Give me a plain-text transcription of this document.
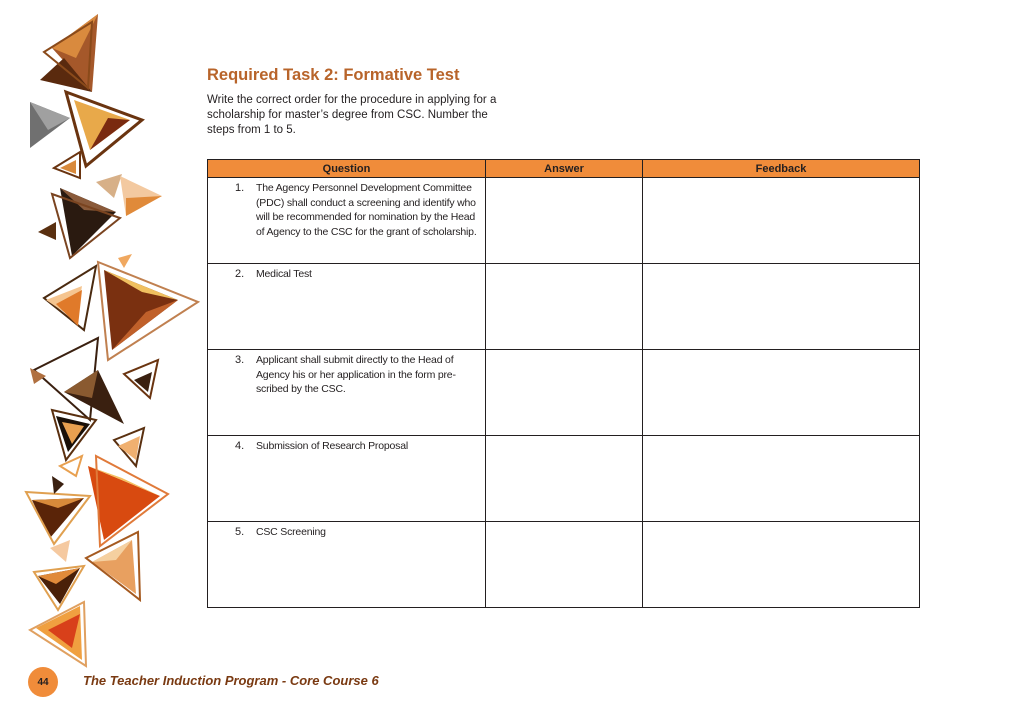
Required Task 2: Formative Test

Write the correct order for the procedure in applying for a scholarship for master’s degree from CSC. Number the steps from 1 to 5.

Question	Answer	Feedback

1. The Agency Personnel Development Committee (PDC) shall conduct a screening and identify who will be recommended for nomination by the Head of Agency to the CSC for the grant of scholarship.		

2. Medical Test		

3. Applicant shall submit directly to the Head of Agency his or her application in the form pre-scribed by the CSC.		

4. Submission of Research Proposal		

5. CSC Screening		

44	The Teacher Induction Program - Core Course 6
